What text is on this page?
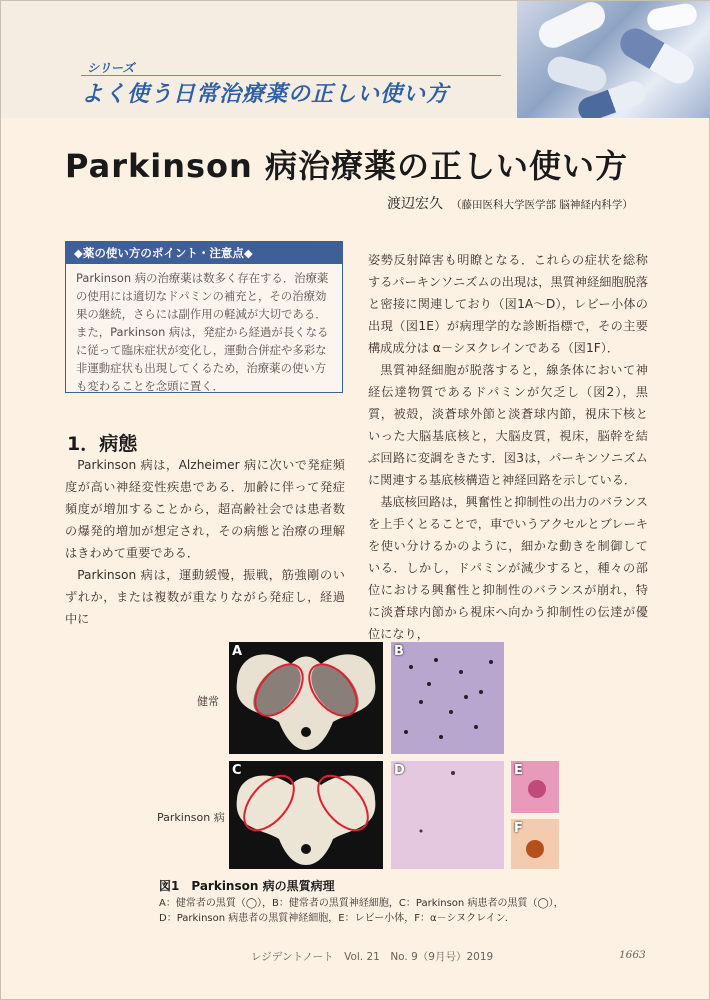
シリーズ
よく使う日常治療薬の正しい使い方
Parkinson 病治療薬の正しい使い方
渡辺宏久 （藤田医科大学医学部 脳神経内科学）
◆薬の使い方のポイント・注意点◆
Parkinson 病の治療薬は数多く存在する．治療薬の使用には適切なドパミンの補充と，その治療効果の継続，さらには副作用の軽減が大切である．また，Parkinson 病は，発症から経過が長くなるに従って臨床症状が変化し，運動合併症や多彩な非運動症状も出現してくるため，治療薬の使い方も変わることを念頭に置く．
1．病態

Parkinson 病は，Alzheimer 病に次いで発症頻度が高い神経変性疾患である．加齢に伴って発症頻度が増加することから，超高齢社会では患者数の爆発的増加が想定され，その病態と治療の理解はきわめて重要である．

Parkinson 病は，運動緩慢，振戦，筋強剛のいずれか，または複数が重なりながら発症し，経過中に

姿勢反射障害も明瞭となる．これらの症状を総称するパーキンソニズムの出現は，黒質神経細胞脱落と密接に関連しており（図1A～D），レビー小体の出現（図1E）が病理学的な診断指標で，その主要構成成分は α－シヌクレインである（図1F）．

黒質神経細胞が脱落すると，線条体において神経伝達物質であるドパミンが欠乏し（図2），黒質，被殻，淡蒼球外節と淡蒼球内節，視床下核といった大脳基底核と，大脳皮質，視床，脳幹を結ぶ回路に変調をきたす．図3は，パーキンソニズムに関連する基底核構造と神経回路を示している．

基底核回路は，興奮性と抑制性の出力のバランスを上手くとることで，車でいうアクセルとブレーキを使い分けるかのように，細かな動きを制御している．しかし，ドパミンが減少すると，種々の部位における興奮性と抑制性のバランスが崩れ，特に淡蒼球内節から視床へ向かう抑制性の伝達が優位になり，

健常
Parkinson 病
A	B
C	D	E
F
図1　Parkinson 病の黒質病理
A：健常者の黒質（◯），B：健常者の黒質神経細胞，C：Parkinson 病患者の黒質（◯），
D：Parkinson 病患者の黒質神経細胞，E：レビー小体，F：α－シヌクレイン．
レジデントノート　Vol. 21　No. 9（9月号）2019	1663
